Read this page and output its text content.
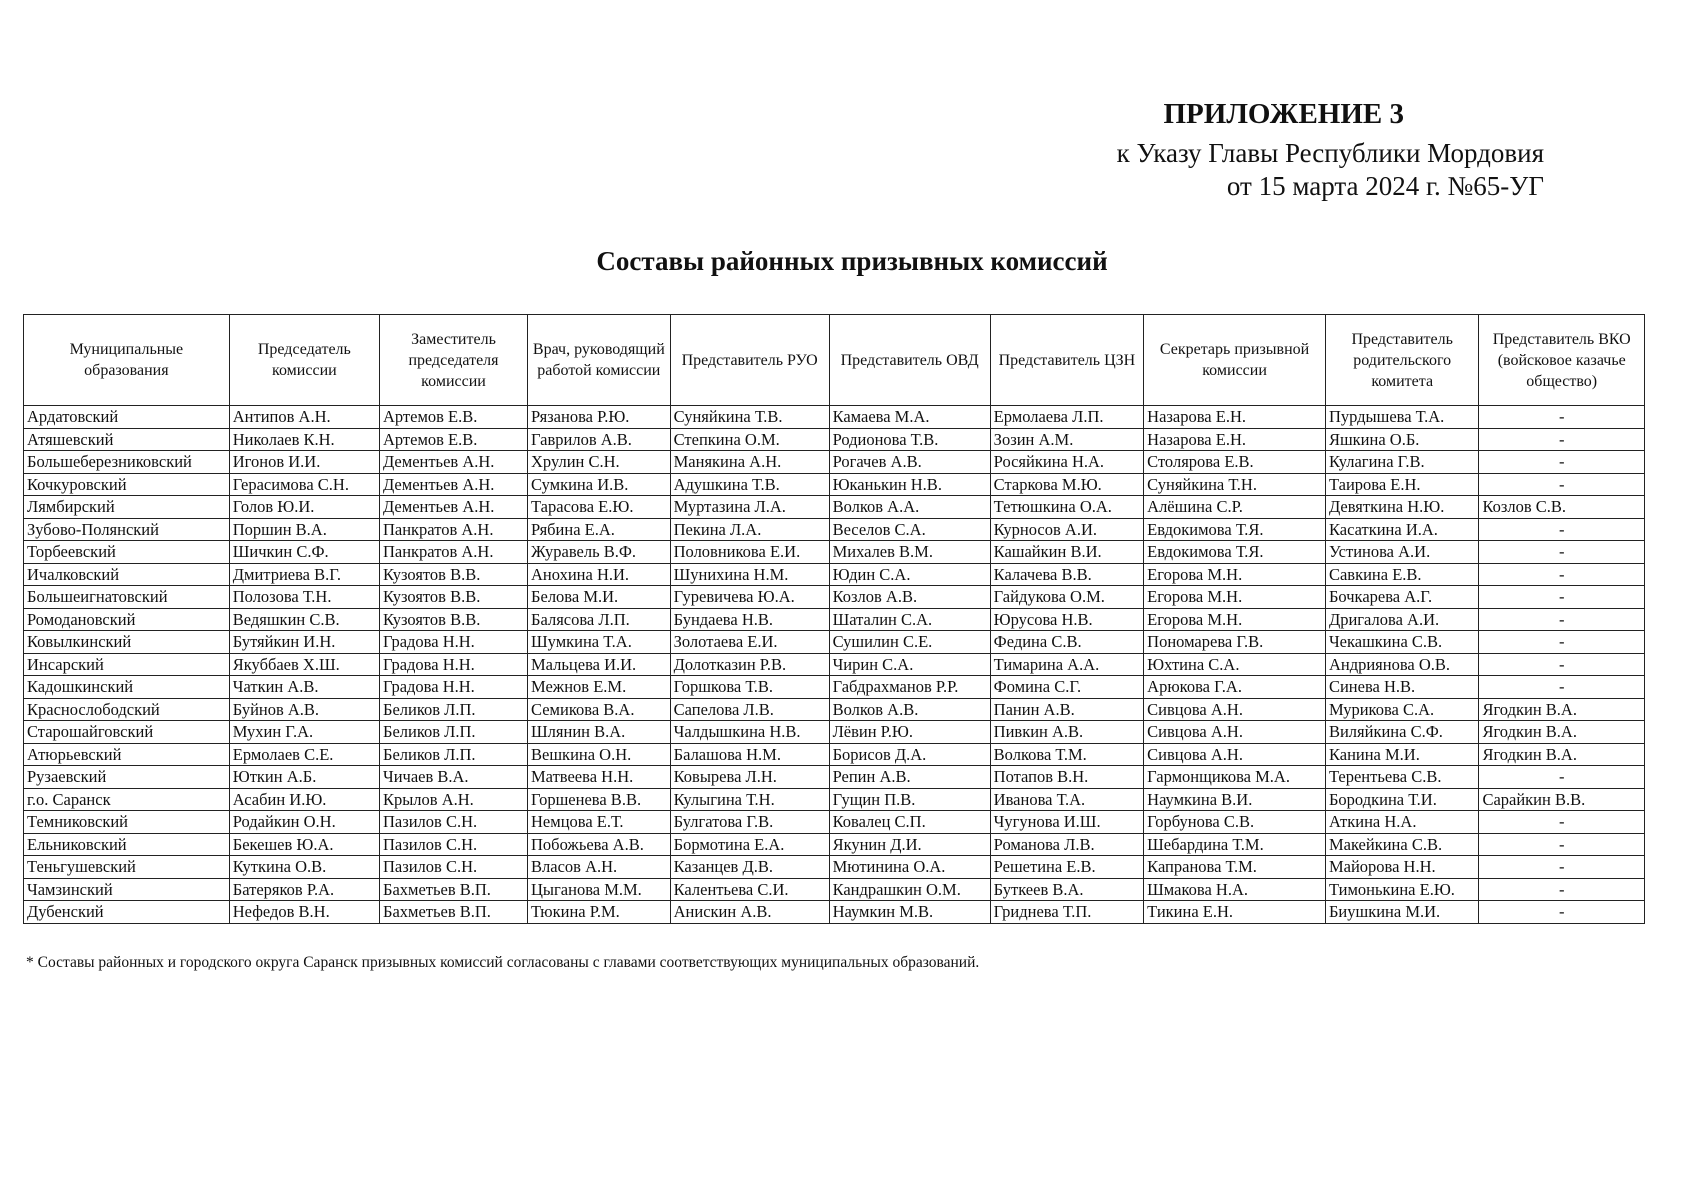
ПРИЛОЖЕНИЕ 3
к Указу Главы Республики Мордовия
от 15 марта 2024 г. №65-УГ
Составы районных призывных комиссий
Муниципальные образования	Председатель комиссии	Заместитель председателя комиссии	Врач, руководящий работой комиссии	Представитель РУО	Представитель ОВД	Представитель ЦЗН	Секретарь призывной комиссии	Представитель родительского комитета	Представитель ВКО (войсковое казачье общество)
Ардатовский	Антипов А.Н.	Артемов Е.В.	Рязанова Р.Ю.	Суняйкина Т.В.	Камаева М.А.	Ермолаева Л.П.	Назарова Е.Н.	Пурдышева Т.А.	-
Атяшевский	Николаев К.Н.	Артемов Е.В.	Гаврилов А.В.	Степкина О.М.	Родионова Т.В.	Зозин А.М.	Назарова Е.Н.	Яшкина О.Б.	-
Большеберезниковский	Игонов И.И.	Дементьев А.Н.	Хрулин С.Н.	Манякина А.Н.	Рогачев А.В.	Росяйкина Н.А.	Столярова Е.В.	Кулагина Г.В.	-
Кочкуровский	Герасимова С.Н.	Дементьев А.Н.	Сумкина И.В.	Адушкина Т.В.	Юканькин Н.В.	Старкова М.Ю.	Суняйкина Т.Н.	Таирова Е.Н.	-
Лямбирский	Голов Ю.И.	Дементьев А.Н.	Тарасова Е.Ю.	Муртазина Л.А.	Волков А.А.	Тетюшкина О.А.	Алёшина С.Р.	Девяткина Н.Ю.	Козлов С.В.
Зубово-Полянский	Поршин В.А.	Панкратов А.Н.	Рябина Е.А.	Пекина Л.А.	Веселов С.А.	Курносов А.И.	Евдокимова Т.Я.	Касаткина И.А.	-
Торбеевский	Шичкин С.Ф.	Панкратов А.Н.	Журавель В.Ф.	Половникова Е.И.	Михалев В.М.	Кашайкин В.И.	Евдокимова Т.Я.	Устинова А.И.	-
Ичалковский	Дмитриева В.Г.	Кузоятов В.В.	Анохина Н.И.	Шунихина Н.М.	Юдин С.А.	Калачева В.В.	Егорова М.Н.	Савкина Е.В.	-
Большеигнатовский	Полозова Т.Н.	Кузоятов В.В.	Белова М.И.	Гуревичева Ю.А.	Козлов А.В.	Гайдукова О.М.	Егорова М.Н.	Бочкарева А.Г.	-
Ромодановский	Ведяшкин С.В.	Кузоятов В.В.	Балясова Л.П.	Бундаева Н.В.	Шаталин С.А.	Юрусова Н.В.	Егорова М.Н.	Дригалова А.И.	-
Ковылкинский	Бутяйкин И.Н.	Градова Н.Н.	Шумкина Т.А.	Золотаева Е.И.	Сушилин С.Е.	Федина С.В.	Пономарева Г.В.	Чекашкина С.В.	-
Инсарский	Якуббаев Х.Ш.	Градова Н.Н.	Мальцева И.И.	Долотказин Р.В.	Чирин С.А.	Тимарина А.А.	Юхтина С.А.	Андриянова О.В.	-
Кадошкинский	Чаткин А.В.	Градова Н.Н.	Межнов Е.М.	Горшкова Т.В.	Габдрахманов Р.Р.	Фомина С.Г.	Арюкова Г.А.	Синева Н.В.	-
Краснослободский	Буйнов А.В.	Беликов Л.П.	Семикова В.А.	Сапелова Л.В.	Волков А.В.	Панин А.В.	Сивцова А.Н.	Мурикова С.А.	Ягодкин В.А.
Старошайговский	Мухин Г.А.	Беликов Л.П.	Шлянин В.А.	Чалдышкина Н.В.	Лёвин Р.Ю.	Пивкин А.В.	Сивцова А.Н.	Виляйкина С.Ф.	Ягодкин В.А.
Атюрьевский	Ермолаев С.Е.	Беликов Л.П.	Вешкина О.Н.	Балашова Н.М.	Борисов Д.А.	Волкова Т.М.	Сивцова А.Н.	Канина М.И.	Ягодкин В.А.
Рузаевский	Юткин А.Б.	Чичаев В.А.	Матвеева Н.Н.	Ковырева Л.Н.	Репин А.В.	Потапов В.Н.	Гармонщикова М.А.	Терентьева С.В.	-
г.о. Саранск	Асабин И.Ю.	Крылов А.Н.	Горшенева В.В.	Кулыгина Т.Н.	Гущин П.В.	Иванова Т.А.	Наумкина В.И.	Бородкина Т.И.	Сарайкин В.В.
Темниковский	Родайкин О.Н.	Пазилов С.Н.	Немцова Е.Т.	Булгатова Г.В.	Ковалец С.П.	Чугунова И.Ш.	Горбунова С.В.	Аткина Н.А.	-
Ельниковский	Бекешев Ю.А.	Пазилов С.Н.	Побожьева А.В.	Бормотина Е.А.	Якунин Д.И.	Романова Л.В.	Шебардина Т.М.	Макейкина С.В.	-
Теньгушевский	Куткина О.В.	Пазилов С.Н.	Власов А.Н.	Казанцев Д.В.	Мютинина О.А.	Решетина Е.В.	Капранова Т.М.	Майорова Н.Н.	-
Чамзинский	Батеряков Р.А.	Бахметьев В.П.	Цыганова М.М.	Калентьева С.И.	Кандрашкин О.М.	Буткеев В.А.	Шмакова Н.А.	Тимонькина Е.Ю.	-
Дубенский	Нефедов В.Н.	Бахметьев В.П.	Тюкина Р.М.	Анискин А.В.	Наумкин М.В.	Гриднева Т.П.	Тикина Е.Н.	Биушкина М.И.	-
* Составы районных и городского округа Саранск призывных комиссий согласованы с главами соответствующих муниципальных образований.
